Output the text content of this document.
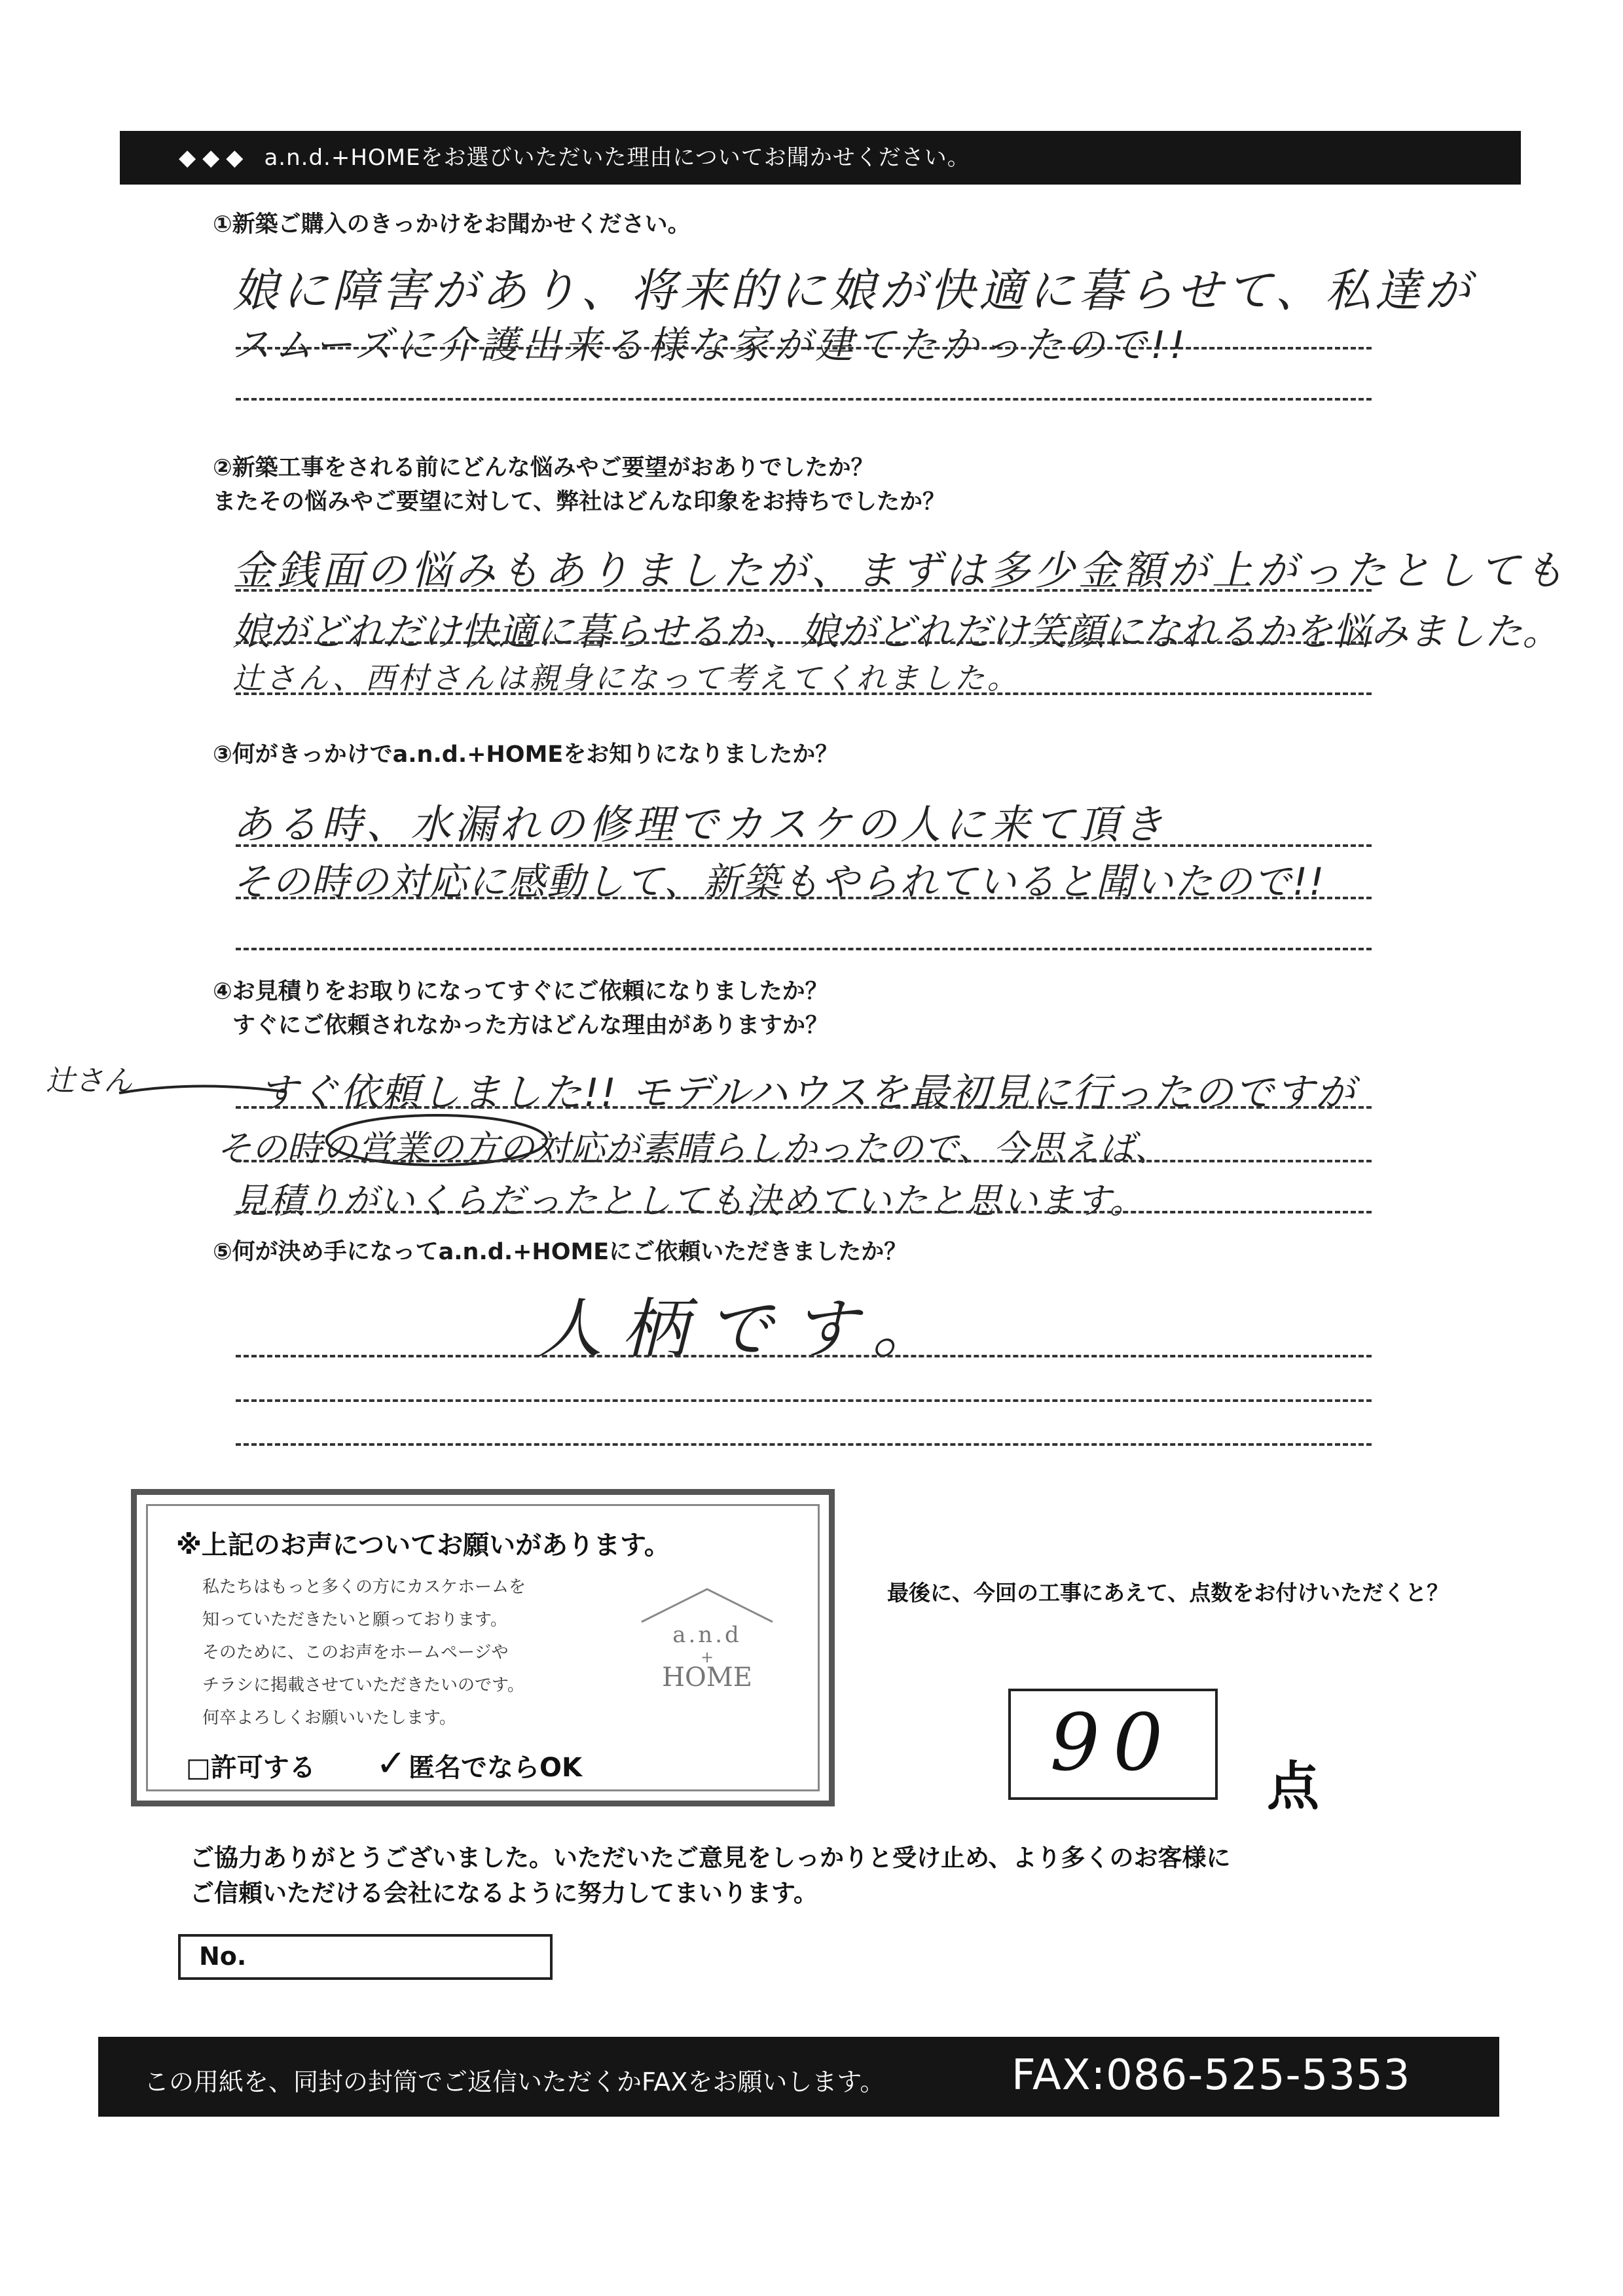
◆◆◆ a.n.d.+HOMEをお選びいただいた理由についてお聞かせください。
①新築ご購入のきっかけをお聞かせください。
娘に障害があり、将来的に娘が快適に暮らせて、私達が
スムーズに介護出来る様な家が建てたかったので!!
②新築工事をされる前にどんな悩みやご要望がおありでしたか？
またその悩みやご要望に対して、弊社はどんな印象をお持ちでしたか？
金銭面の悩みもありましたが、まずは多少金額が上がったとしても
娘がどれだけ快適に暮らせるか、娘がどれだけ笑顔になれるかを悩みました。
辻さん、西村さんは親身になって考えてくれました。
③何がきっかけでa.n.d.+HOMEをお知りになりましたか？
ある時、水漏れの修理でカスケの人に来て頂き
その時の対応に感動して、新築もやられていると聞いたので!!
④お見積りをお取りになってすぐにご依頼になりましたか？
すぐにご依頼されなかった方はどんな理由がありますか？
辻さん	すぐ依頼しました!! モデルハウスを最初見に行ったのですが
その時の営業の方の対応が素晴らしかったので、今思えば、
見積りがいくらだったとしても決めていたと思います。
⑤何が決め手になってa.n.d.+HOMEにご依頼いただきましたか？
人柄です。
※上記のお声についてお願いがあります。
私たちはもっと多くの方にカスケホームを
知っていただきたいと願っております。
そのために、このお声をホームページや
チラシに掲載させていただきたいのです。
何卒よろしくお願いいたします。
□許可する ✓ 匿名でならOK
a.n.d
+
HOME
最後に、今回の工事にあえて、点数をお付けいただくと？
90	点
ご協力ありがとうございました。いただいたご意見をしっかりと受け止め、より多くのお客様に
ご信頼いただける会社になるように努力してまいります。
No.
この用紙を、同封の封筒でご返信いただくかFAXをお願いします。	FAX:086-525-5353
